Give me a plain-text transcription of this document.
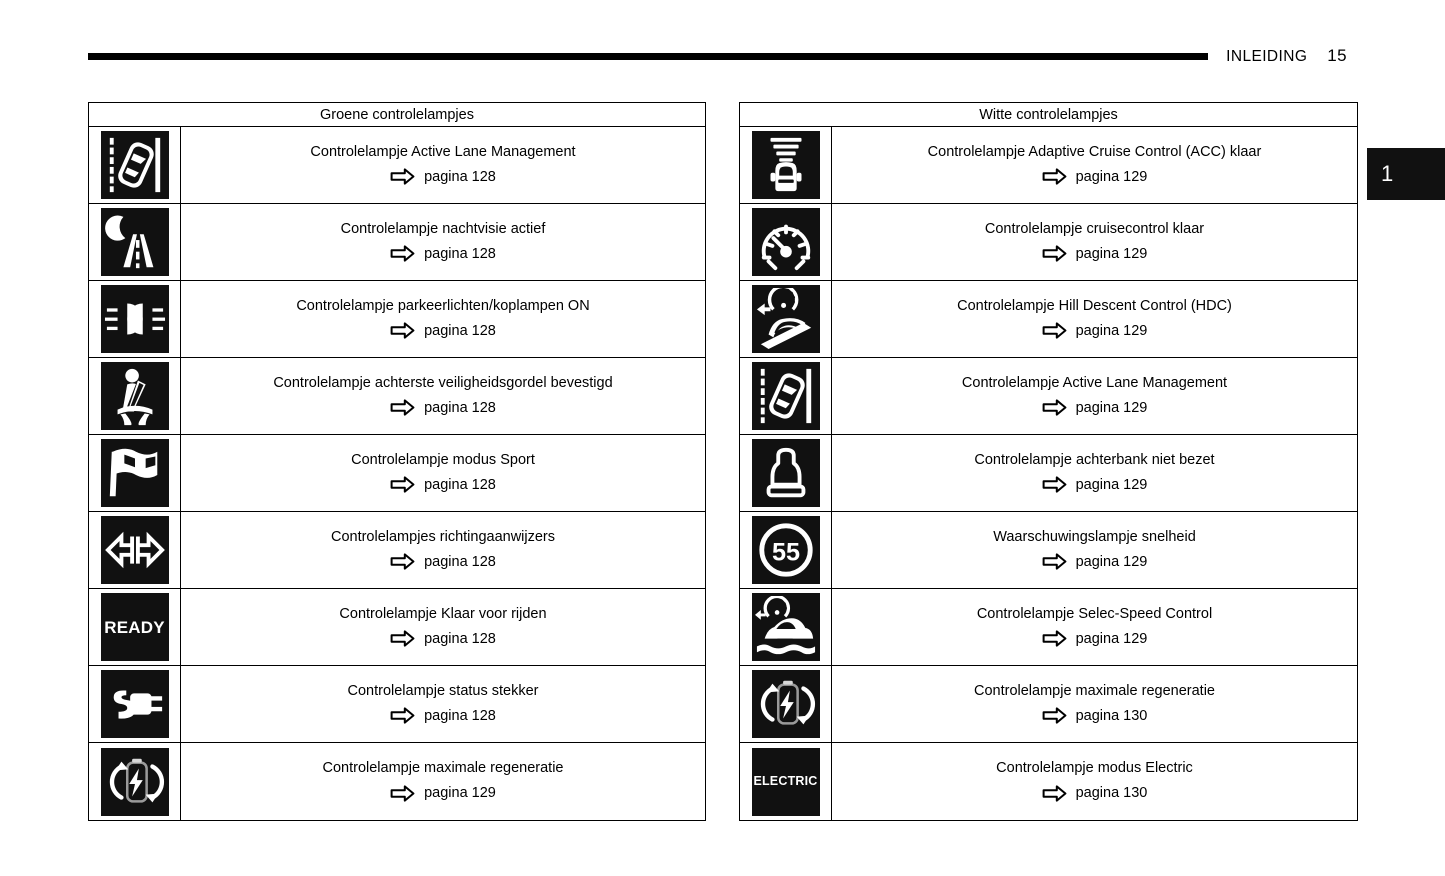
INLEIDING 15
1
Groene controlelampjes
Controlelampje Active Lane Management
pagina 128
Controlelampje nachtvisie actief
pagina 128
Controlelampje parkeerlichten/koplampen ON
pagina 128
Controlelampje achterste veiligheidsgordel bevestigd
pagina 128
Controlelampje modus Sport
pagina 128
Controlelampjes richtingaanwijzers
pagina 128
READY
Controlelampje Klaar voor rijden
pagina 128
Controlelampje status stekker
pagina 128
Controlelampje maximale regeneratie
pagina 129
Witte controlelampjes
Controlelampje Adaptive Cruise Control (ACC) klaar
pagina 129
Controlelampje cruisecontrol klaar
pagina 129
Controlelampje Hill Descent Control (HDC)
pagina 129
Controlelampje Active Lane Management
pagina 129
Controlelampje achterbank niet bezet
pagina 129
55
Waarschuwingslampje snelheid
pagina 129
Controlelampje Selec-Speed Control
pagina 129
Controlelampje maximale regeneratie
pagina 130
ELECTRIC
Controlelampje modus Electric
pagina 130
